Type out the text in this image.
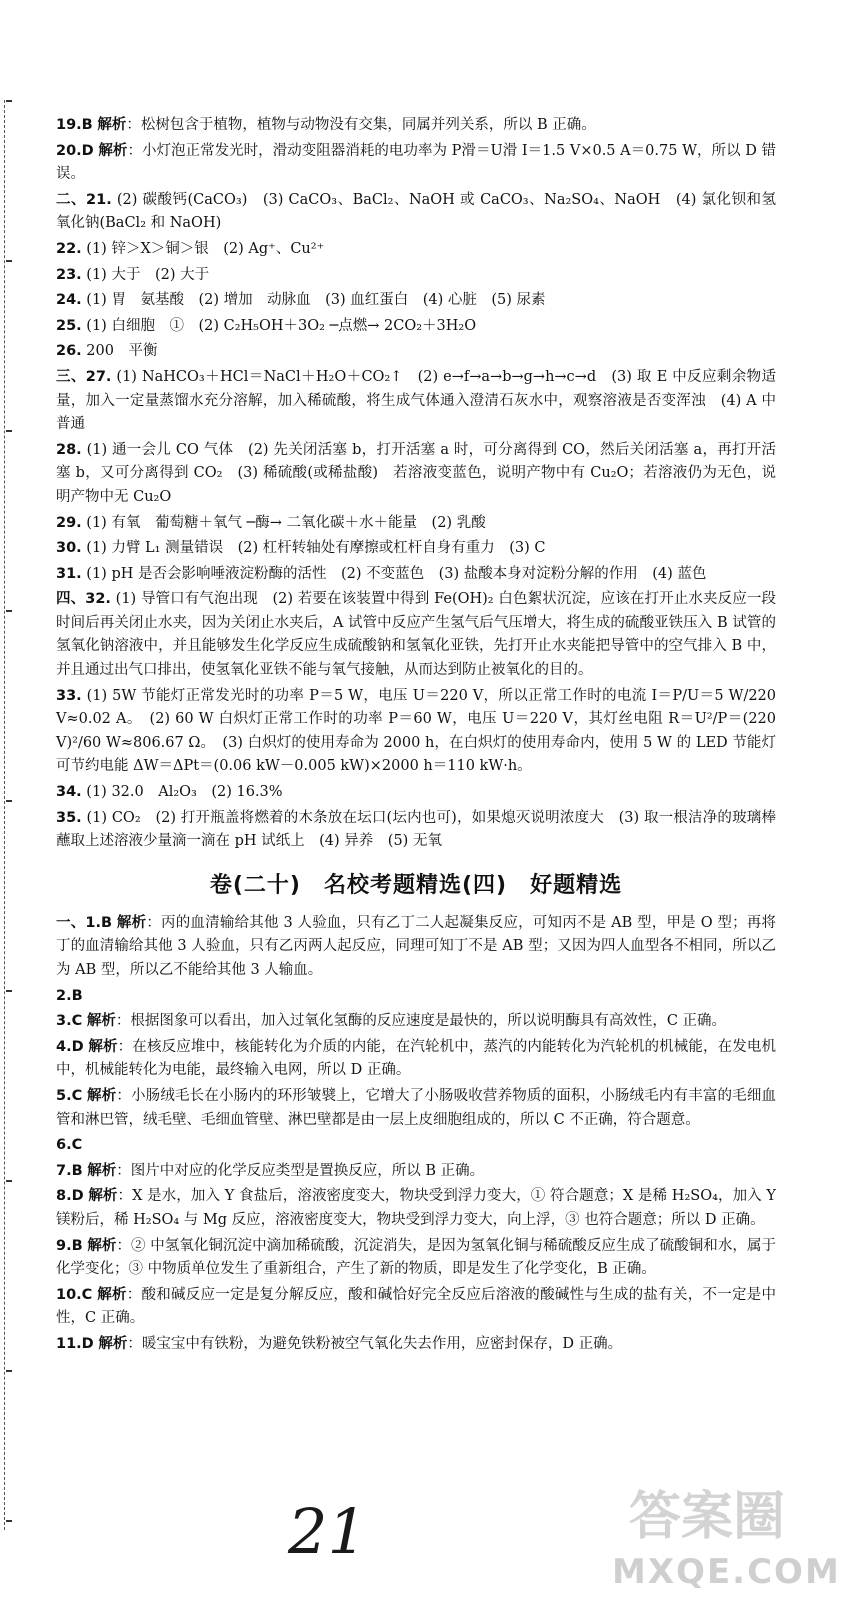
19.B 解析：松树包含于植物，植物与动物没有交集，同属并列关系，所以 B 正确。
20.D 解析：小灯泡正常发光时，滑动变阻器消耗的电功率为 P滑＝U滑 I＝1.5 V×0.5 A＝0.75 W，所以 D 错误。
二、21. (2) 碳酸钙(CaCO₃)　(3) CaCO₃、BaCl₂、NaOH 或 CaCO₃、Na₂SO₄、NaOH　(4) 氯化钡和氢氧化钠(BaCl₂ 和 NaOH)
22. (1) 锌＞X＞铜＞银　(2) Ag⁺、Cu²⁺
23. (1) 大于　(2) 大于
24. (1) 胃　氨基酸　(2) 增加　动脉血　(3) 血红蛋白　(4) 心脏　(5) 尿素
25. (1) 白细胞　①　(2) C₂H₅OH＋3O₂ ─点燃→ 2CO₂＋3H₂O
26. 200　平衡
三、27. (1) NaHCO₃＋HCl＝NaCl＋H₂O＋CO₂↑　(2) e→f→a→b→g→h→c→d　(3) 取 E 中反应剩余物适量，加入一定量蒸馏水充分溶解，加入稀硫酸，将生成气体通入澄清石灰水中，观察溶液是否变浑浊　(4) A 中普通
28. (1) 通一会儿 CO 气体　(2) 先关闭活塞 b，打开活塞 a 时，可分离得到 CO，然后关闭活塞 a，再打开活塞 b，又可分离得到 CO₂　(3) 稀硫酸(或稀盐酸)　若溶液变蓝色，说明产物中有 Cu₂O；若溶液仍为无色，说明产物中无 Cu₂O
29. (1) 有氧　葡萄糖＋氧气 ─酶→ 二氧化碳＋水＋能量　(2) 乳酸
30. (1) 力臂 L₁ 测量错误　(2) 杠杆转轴处有摩擦或杠杆自身有重力　(3) C
31. (1) pH 是否会影响唾液淀粉酶的活性　(2) 不变蓝色　(3) 盐酸本身对淀粉分解的作用　(4) 蓝色
四、32. (1) 导管口有气泡出现　(2) 若要在该装置中得到 Fe(OH)₂ 白色絮状沉淀，应该在打开止水夹反应一段时间后再关闭止水夹，因为关闭止水夹后，A 试管中反应产生氢气后气压增大，将生成的硫酸亚铁压入 B 试管的氢氧化钠溶液中，并且能够发生化学反应生成硫酸钠和氢氧化亚铁，先打开止水夹能把导管中的空气排入 B 中，并且通过出气口排出，使氢氧化亚铁不能与氧气接触，从而达到防止被氧化的目的。
33. (1) 5W 节能灯正常发光时的功率 P＝5 W，电压 U＝220 V，所以正常工作时的电流 I＝P/U＝5 W/220 V≈0.02 A。　(2) 60 W 白炽灯正常工作时的功率 P＝60 W，电压 U＝220 V，其灯丝电阻 R＝U²/P＝(220 V)²/60 W≈806.67 Ω。　(3) 白炽灯的使用寿命为 2000 h，在白炽灯的使用寿命内，使用 5 W 的 LED 节能灯可节约电能 ΔW＝ΔPt＝(0.06 kW－0.005 kW)×2000 h＝110 kW·h。
34. (1) 32.0　Al₂O₃　(2) 16.3%
35. (1) CO₂　(2) 打开瓶盖将燃着的木条放在坛口(坛内也可)，如果熄灭说明浓度大　(3) 取一根洁净的玻璃棒蘸取上述溶液少量滴一滴在 pH 试纸上　(4) 异养　(5) 无氧
卷(二十)　名校考题精选(四)　好题精选
一、1.B 解析：丙的血清输给其他 3 人验血，只有乙丁二人起凝集反应，可知丙不是 AB 型，甲是 O 型；再将丁的血清输给其他 3 人验血，只有乙丙两人起反应，同理可知丁不是 AB 型；又因为四人血型各不相同，所以乙为 AB 型，所以乙不能给其他 3 人输血。
2.B
3.C 解析：根据图象可以看出，加入过氧化氢酶的反应速度是最快的，所以说明酶具有高效性，C 正确。
4.D 解析：在核反应堆中，核能转化为介质的内能，在汽轮机中，蒸汽的内能转化为汽轮机的机械能，在发电机中，机械能转化为电能，最终输入电网，所以 D 正确。
5.C 解析：小肠绒毛长在小肠内的环形皱襞上，它增大了小肠吸收营养物质的面积，小肠绒毛内有丰富的毛细血管和淋巴管，绒毛壁、毛细血管壁、淋巴壁都是由一层上皮细胞组成的，所以 C 不正确，符合题意。
6.C
7.B 解析：图片中对应的化学反应类型是置换反应，所以 B 正确。
8.D 解析：X 是水，加入 Y 食盐后，溶液密度变大，物块受到浮力变大，① 符合题意；X 是稀 H₂SO₄，加入 Y 镁粉后，稀 H₂SO₄ 与 Mg 反应，溶液密度变大，物块受到浮力变大，向上浮，③ 也符合题意；所以 D 正确。
9.B 解析：② 中氢氧化铜沉淀中滴加稀硫酸，沉淀消失，是因为氢氧化铜与稀硫酸反应生成了硫酸铜和水，属于化学变化；③ 中物质单位发生了重新组合，产生了新的物质，即是发生了化学变化，B 正确。
10.C 解析：酸和碱反应一定是复分解反应，酸和碱恰好完全反应后溶液的酸碱性与生成的盐有关，不一定是中性，C 正确。
11.D 解析：暖宝宝中有铁粉，为避免铁粉被空气氧化失去作用，应密封保存，D 正确。
21	答案圈
MXQE.COM
